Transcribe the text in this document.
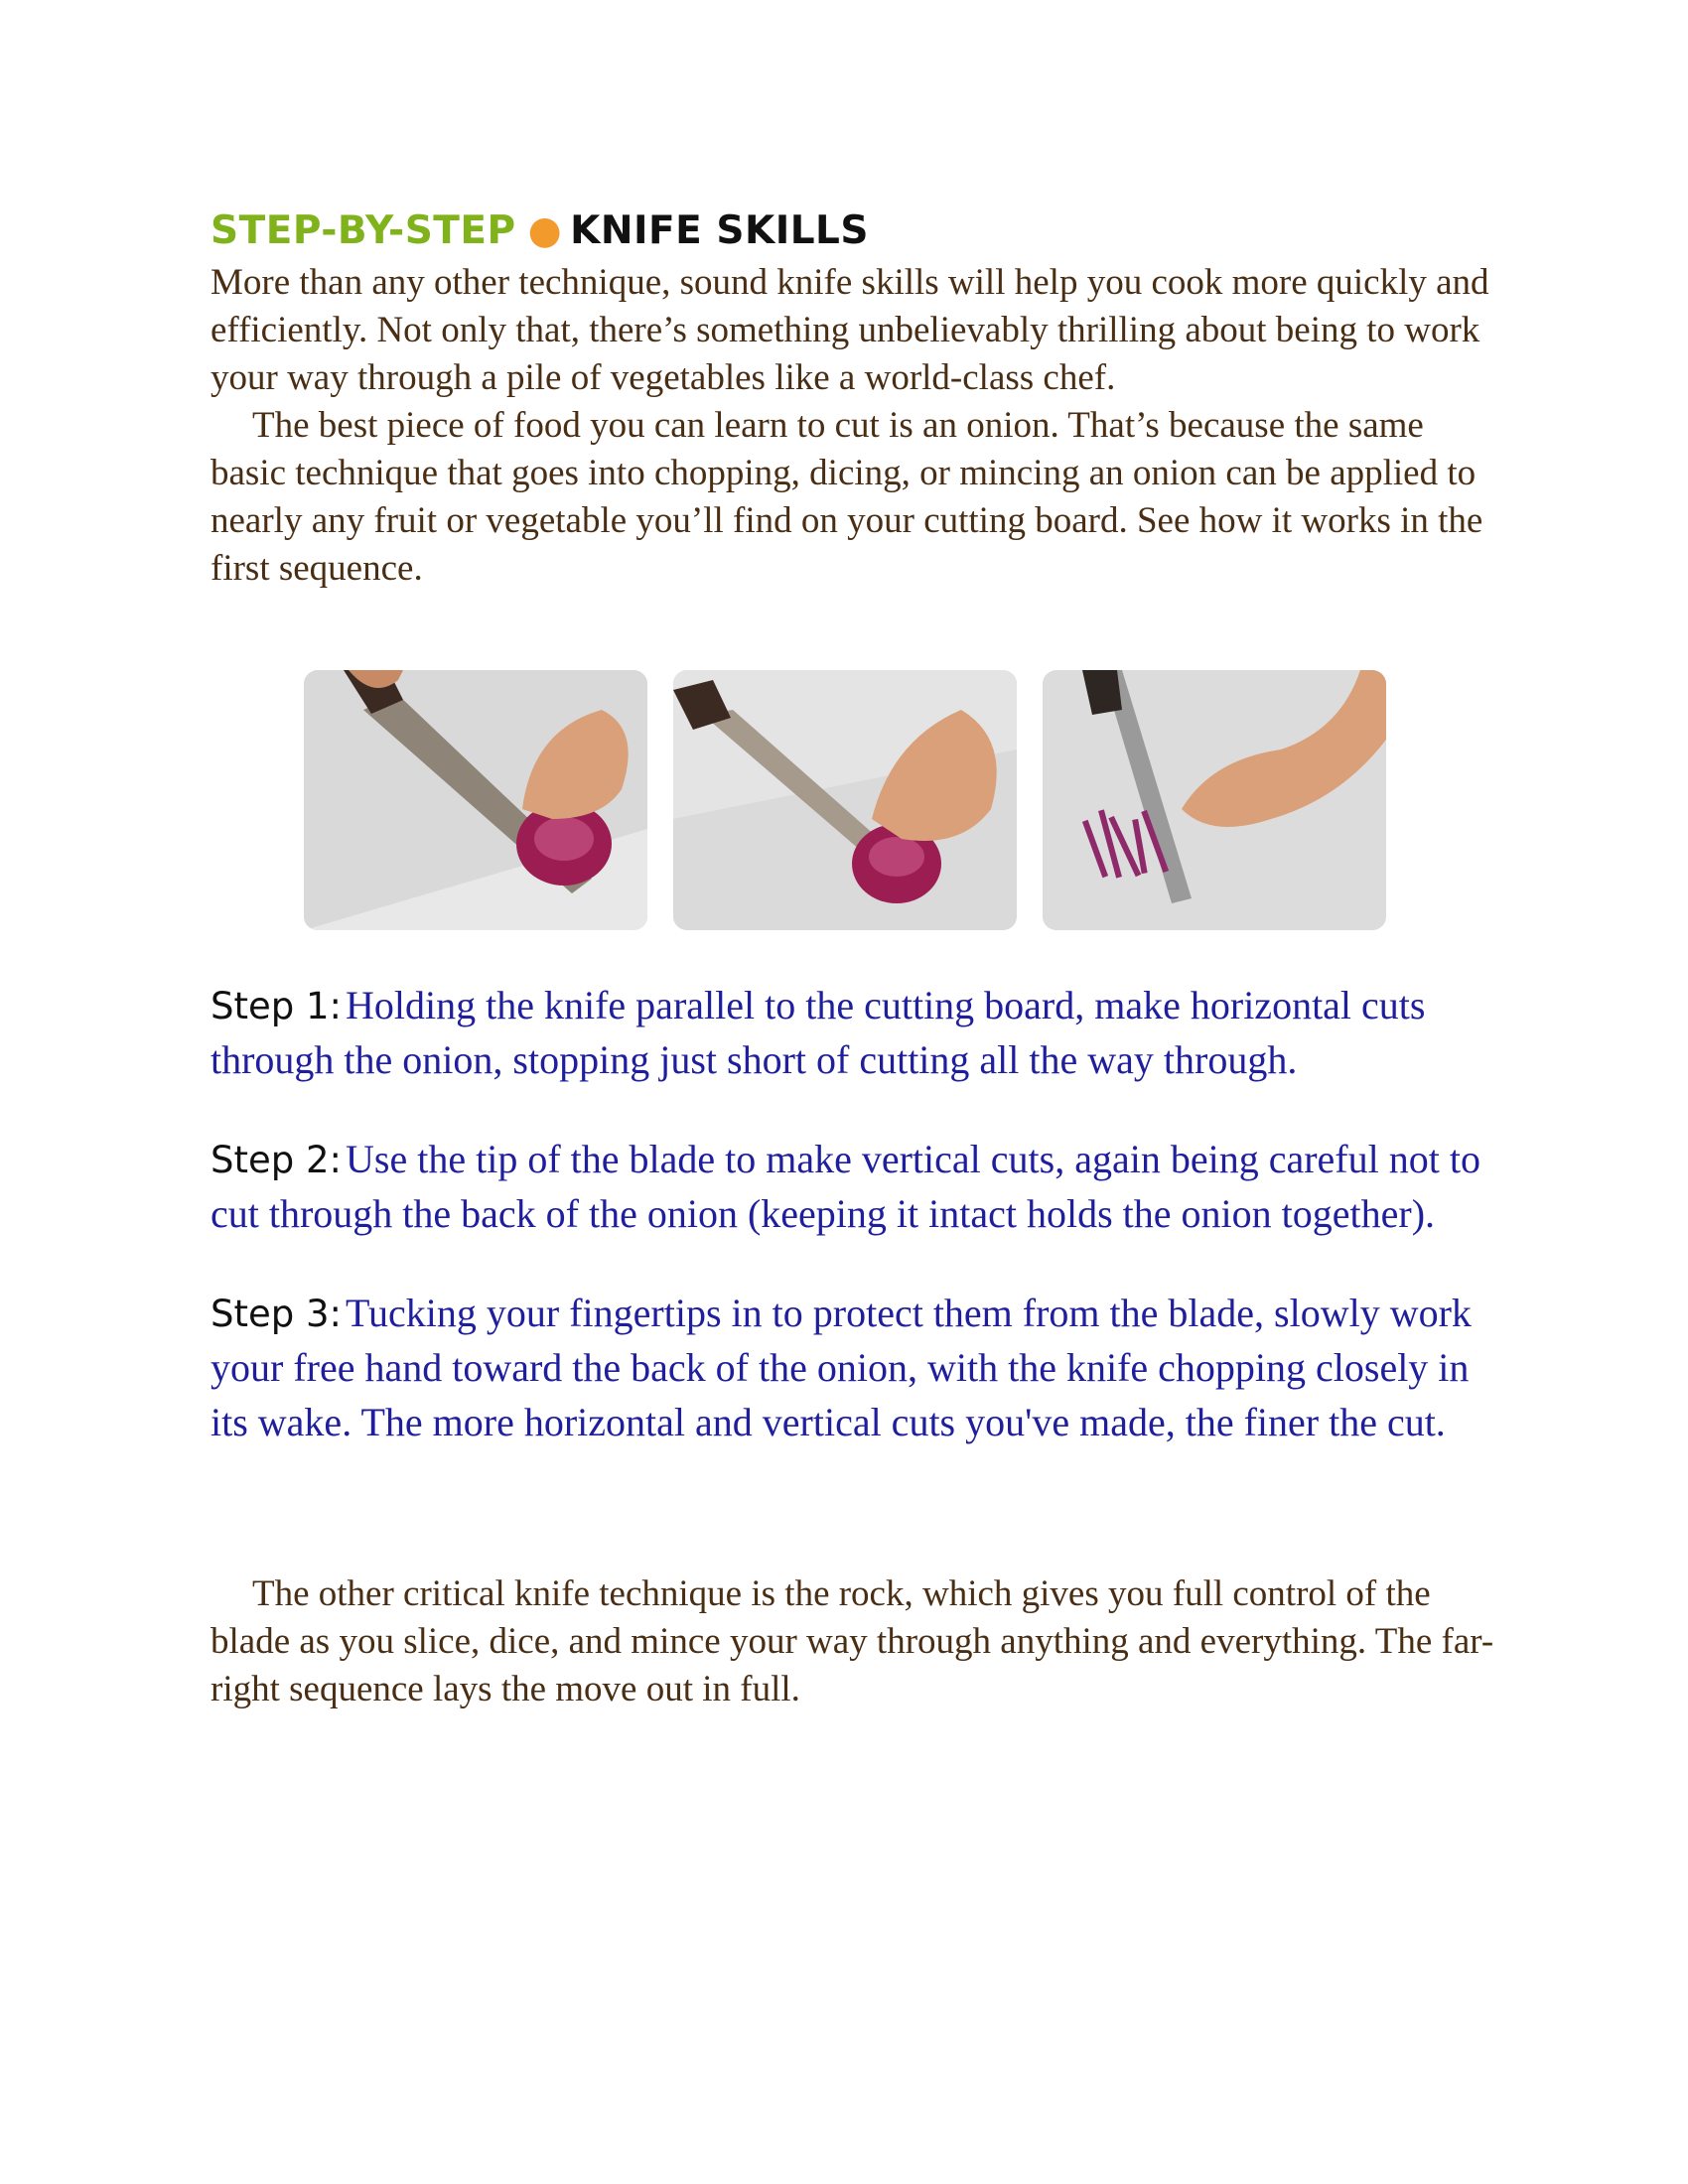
STEP-BY-STEP ● KNIFE SKILLS

More than any other technique, sound knife skills will help you cook more quickly and efficiently. Not only that, there’s something unbelievably thrilling about being to work your way through a pile of vegetables like a world-class chef.

The best piece of food you can learn to cut is an onion. That’s because the same basic technique that goes into chopping, dicing, or mincing an onion can be applied to nearly any fruit or vegetable you’ll find on your cutting board. See how it works in the first sequence.

Step 1: Holding the knife parallel to the cutting board, make horizontal cuts through the onion, stopping just short of cutting all the way through.

Step 2: Use the tip of the blade to make vertical cuts, again being careful not to cut through the back of the onion (keeping it intact holds the onion together).

Step 3: Tucking your fingertips in to protect them from the blade, slowly work your free hand toward the back of the onion, with the knife chopping closely in its wake. The more horizontal and vertical cuts you've made, the finer the cut.

The other critical knife technique is the rock, which gives you full control of the blade as you slice, dice, and mince your way through anything and everything. The far-right sequence lays the move out in full.
